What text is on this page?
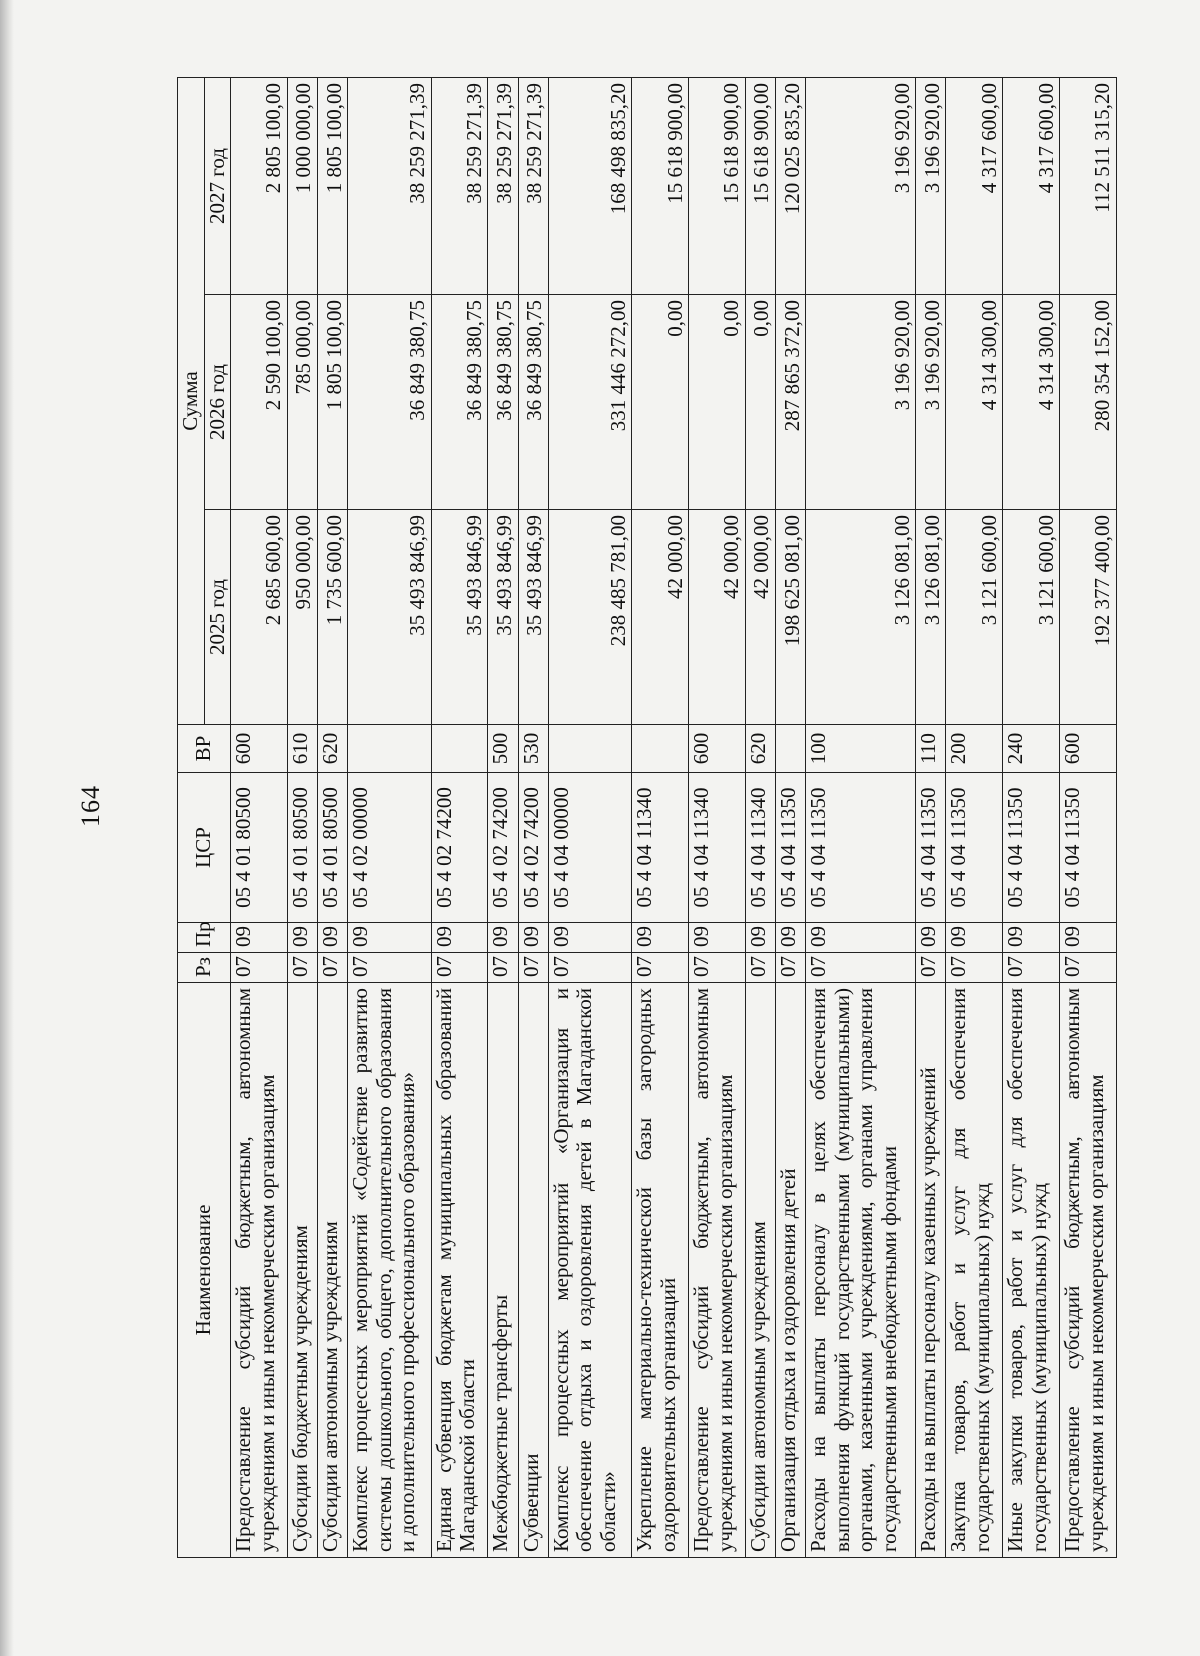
164
Наименование	Рз	Пр	ЦСР	ВР	Сумма		
					2025 год	2026 год	2027 год
Предоставление субсидий бюджетным, автономным учреждениям и иным некоммерческим организациям	07	09	05 4 01 80500	600	2 685 600,00	2 590 100,00	2 805 100,00
Субсидии бюджетным учреждениям	07	09	05 4 01 80500	610	950 000,00	785 000,00	1 000 000,00
Субсидии автономным учреждениям	07	09	05 4 01 80500	620	1 735 600,00	1 805 100,00	1 805 100,00
Комплекс процессных мероприятий «Содействие развитию системы дошкольного, общего, дополнительного образования и дополнительного профессионального образования»	07	09	05 4 02 00000		35 493 846,99	36 849 380,75	38 259 271,39
Единая субвенция бюджетам муниципальных образований Магаданской области	07	09	05 4 02 74200		35 493 846,99	36 849 380,75	38 259 271,39
Межбюджетные трансферты	07	09	05 4 02 74200	500	35 493 846,99	36 849 380,75	38 259 271,39
Субвенции	07	09	05 4 02 74200	530	35 493 846,99	36 849 380,75	38 259 271,39
Комплекс процессных мероприятий «Организация и обеспечение отдыха и оздоровления детей в Магаданской области»	07	09	05 4 04 00000		238 485 781,00	331 446 272,00	168 498 835,20
Укрепление материально-технической базы загородных оздоровительных организаций	07	09	05 4 04 11340		42 000,00	0,00	15 618 900,00
Предоставление субсидий бюджетным, автономным учреждениям и иным некоммерческим организациям	07	09	05 4 04 11340	600	42 000,00	0,00	15 618 900,00
Субсидии автономным учреждениям	07	09	05 4 04 11340	620	42 000,00	0,00	15 618 900,00
Организация отдыха и оздоровления детей	07	09	05 4 04 11350		198 625 081,00	287 865 372,00	120 025 835,20
Расходы на выплаты персоналу в целях обеспечения выполнения функций государственными (муниципальными) органами, казенными учреждениями, органами управления государственными внебюджетными фондами	07	09	05 4 04 11350	100	3 126 081,00	3 196 920,00	3 196 920,00
Расходы на выплаты персоналу казенных учреждений	07	09	05 4 04 11350	110	3 126 081,00	3 196 920,00	3 196 920,00
Закупка товаров, работ и услуг для обеспечения государственных (муниципальных) нужд	07	09	05 4 04 11350	200	3 121 600,00	4 314 300,00	4 317 600,00
Иные закупки товаров, работ и услуг для обеспечения государственных (муниципальных) нужд	07	09	05 4 04 11350	240	3 121 600,00	4 314 300,00	4 317 600,00
Предоставление субсидий бюджетным, автономным учреждениям и иным некоммерческим организациям	07	09	05 4 04 11350	600	192 377 400,00	280 354 152,00	112 511 315,20
